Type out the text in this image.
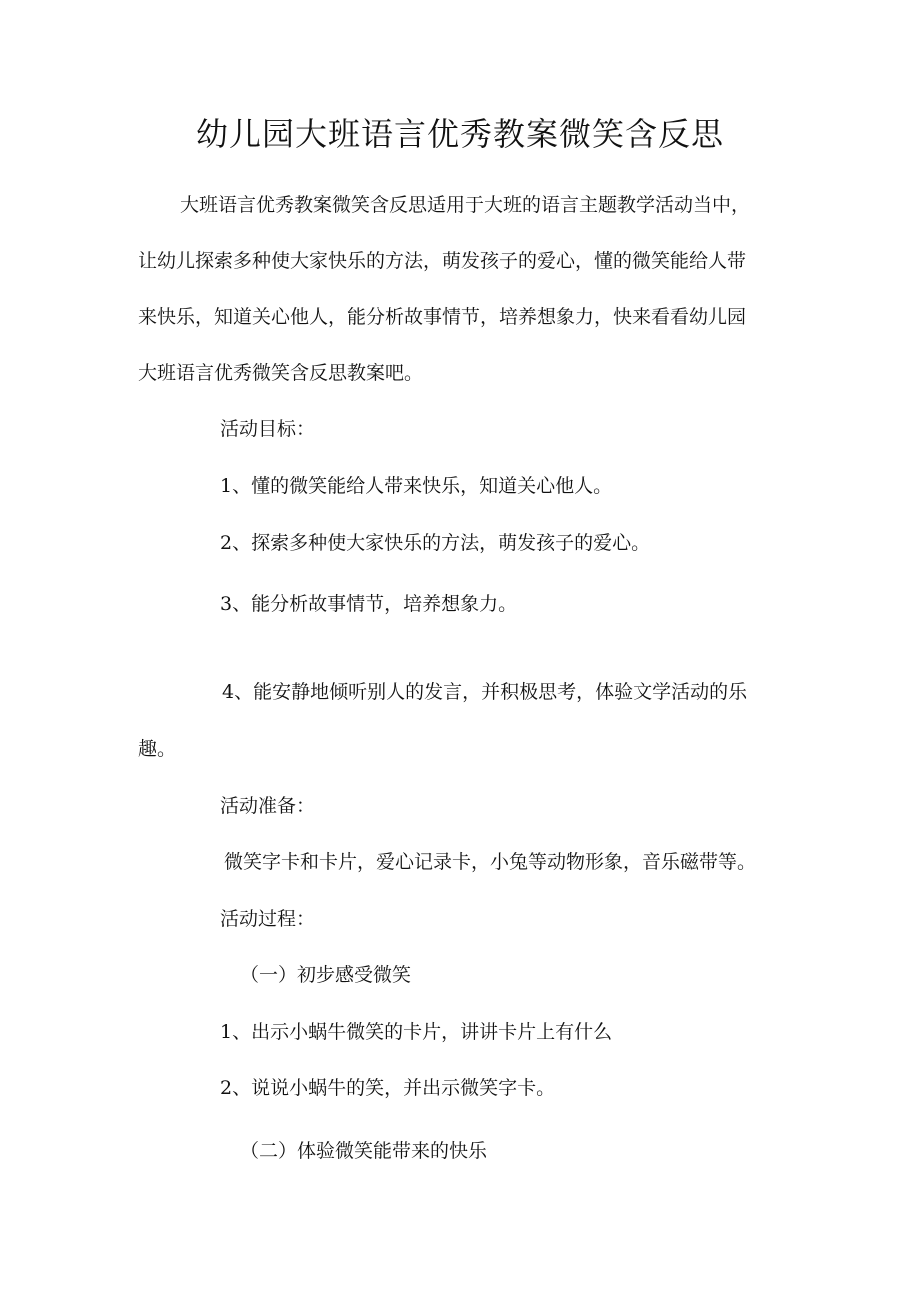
幼儿园大班语言优秀教案微笑含反思
大班语言优秀教案微笑含反思适用于大班的语言主题教学活动当中，
让幼儿探索多种使大家快乐的方法，萌发孩子的爱心，懂的微笑能给人带
来快乐，知道关心他人，能分析故事情节，培养想象力，快来看看幼儿园
大班语言优秀微笑含反思教案吧。
活动目标：
1、懂的微笑能给人带来快乐，知道关心他人。
2、探索多种使大家快乐的方法，萌发孩子的爱心。
3、能分析故事情节，培养想象力。
4、能安静地倾听别人的发言，并积极思考，体验文学活动的乐
趣。
活动准备：
微笑字卡和卡片，爱心记录卡，小兔等动物形象，音乐磁带等。
活动过程：
（一）初步感受微笑
1、出示小蜗牛微笑的卡片，讲讲卡片上有什么
2、说说小蜗牛的笑，并出示微笑字卡。
（二）体验微笑能带来的快乐
